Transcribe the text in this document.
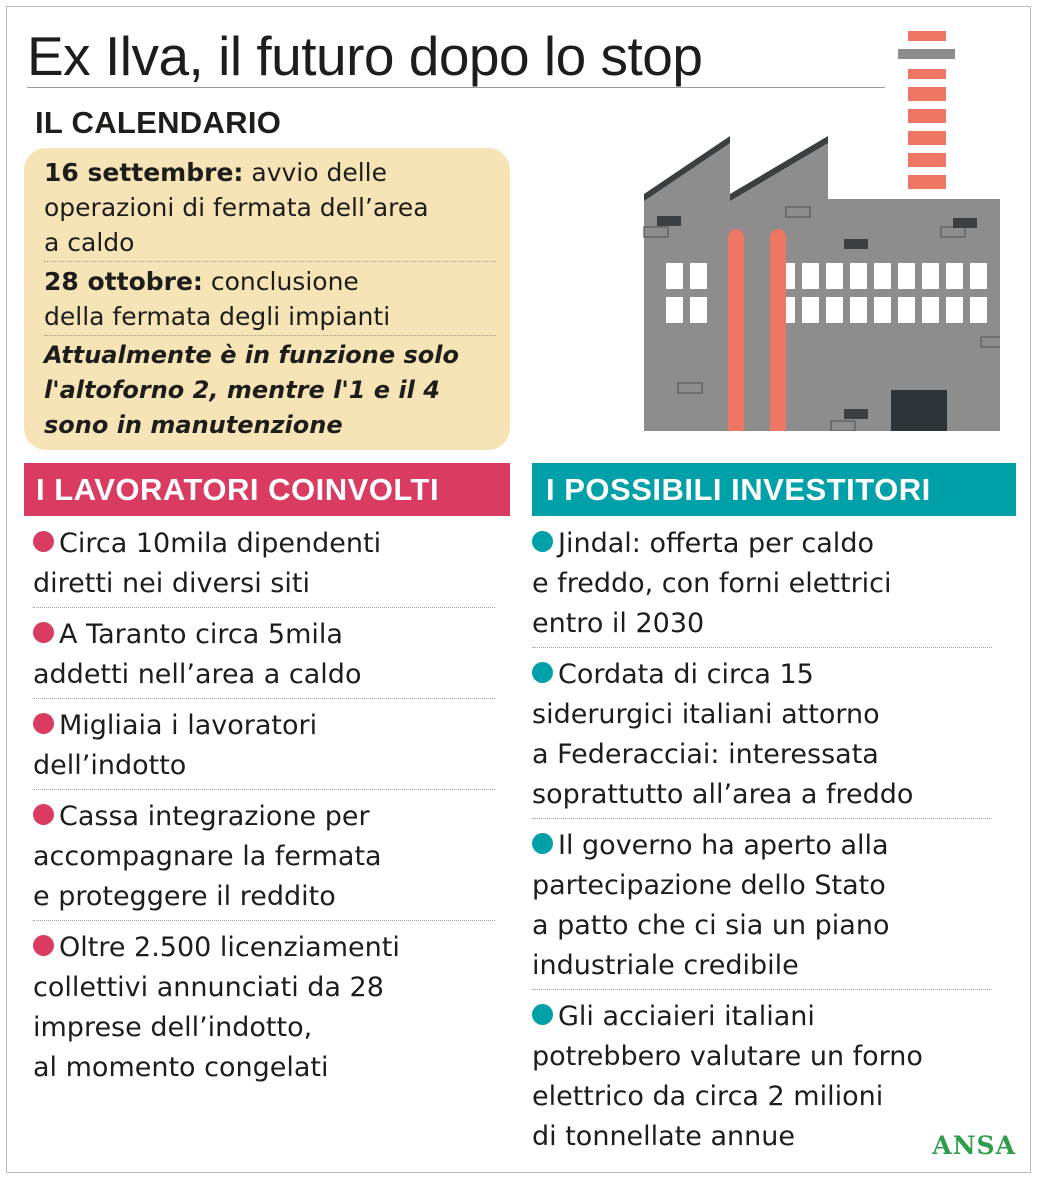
Ex Ilva, il futuro dopo lo stop
IL CALENDARIO
16 settembre: avvio delle
operazioni di fermata dell’area
a caldo
28 ottobre: conclusione
della fermata degli impianti
Attualmente è in funzione solo
l'altoforno 2, mentre l'1 e il 4
sono in manutenzione
I LAVORATORI COINVOLTI	I POSSIBILI INVESTITORI
Circa 10mila dipendenti
diretti nei diversi siti
A Taranto circa 5mila
addetti nell’area a caldo
Migliaia i lavoratori
dell’indotto
Cassa integrazione per
accompagnare la fermata
e proteggere il reddito
Oltre 2.500 licenziamenti
collettivi annunciati da 28
imprese dell’indotto,
al momento congelati
Jindal: offerta per caldo
e freddo, con forni elettrici
entro il 2030
Cordata di circa 15
siderurgici italiani attorno
a Federacciai: interessata
soprattutto all’area a freddo
Il governo ha aperto alla
partecipazione dello Stato
a patto che ci sia un piano
industriale credibile
Gli acciaieri italiani
potrebbero valutare un forno
elettrico da circa 2 milioni
di tonnellate annue	ANSA
